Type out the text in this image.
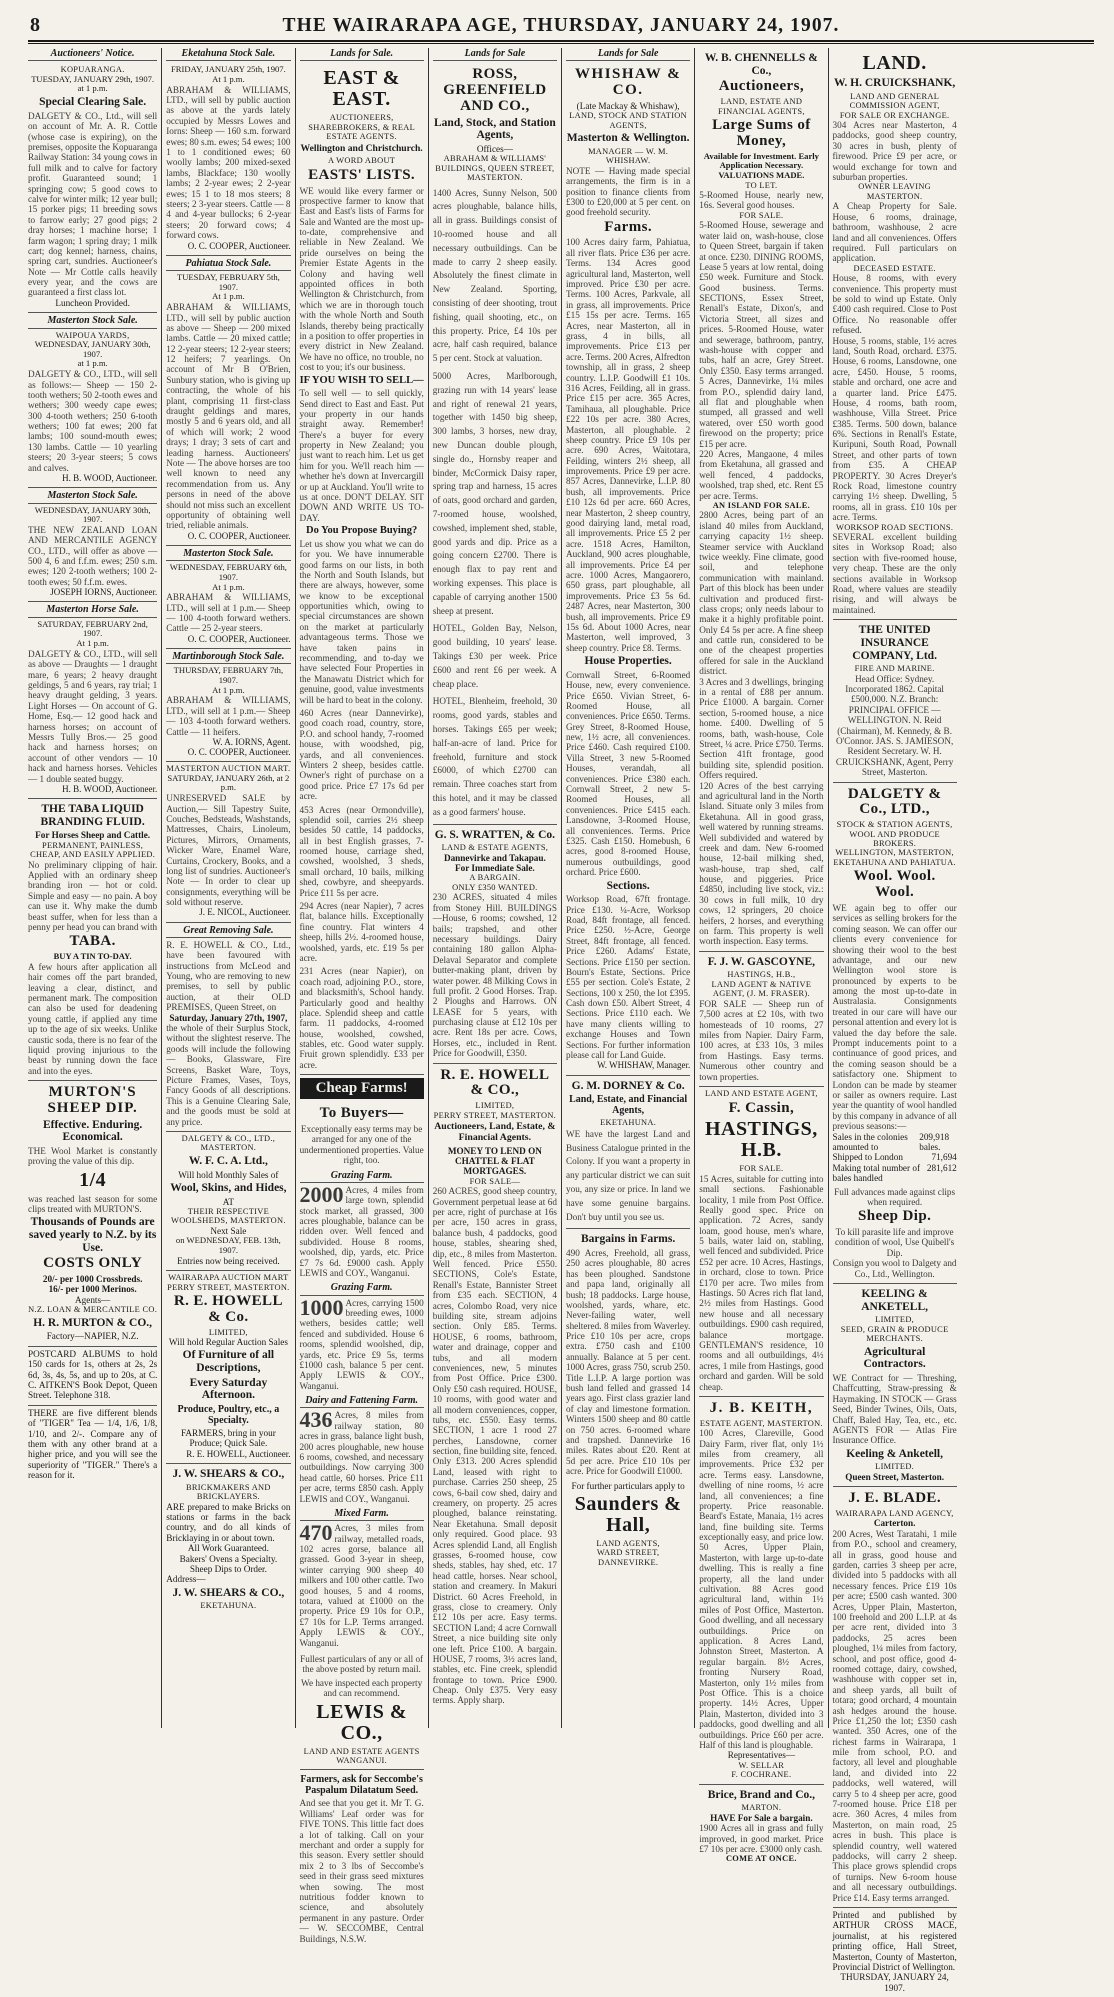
8	THE WAIRARAPA AGE, THURSDAY, JANUARY 24, 1907.
Auctioneers' Notice.
KOPUARANGA.
TUESDAY, JANUARY 29th, 1907.
at 1 p.m.
Special Clearing Sale.
DALGETY & CO., Ltd., will sell on account of Mr. A. R. Cottle (whose case is expiring), on the premises, opposite the Kopuaranga Railway Station: 34 young cows in full milk and to calve for factory profit. Guaranteed sound; 1 springing cow; 5 good cows to calve for winter milk; 12 year bull; 15 porker pigs; 11 breeding sows to farrow early; 27 good pigs; 2 dray horses; 1 machine horse; 1 farm wagon; 1 spring dray; 1 milk cart; dog kennel; harness, chains, spring cart, sundries. Auctioneer's Note — Mr Cottle calls heavily every year, and the cows are guaranteed a first class lot.
Luncheon Provided.
Masterton Stock Sale.
WAIPOUA YARDS,
WEDNESDAY, JANUARY 30th, 1907.
at 1 p.m.
DALGETY & CO., LTD., will sell as follows:— Sheep — 150 2-tooth wethers; 50 2-tooth ewes and wethers; 300 weedy cape ewes; 300 4-tooth wethers; 250 6-tooth wethers; 100 fat ewes; 200 fat lambs; 100 sound-mouth ewes; 130 lambs. Cattle — 10 yearling steers; 20 3-year steers; 5 cows and calves.
H. B. WOOD, Auctioneer.
Masterton Stock Sale.
WEDNESDAY, JANUARY 30th, 1907.
THE NEW ZEALAND LOAN AND MERCANTILE AGENCY CO., LTD., will offer as above — 500 4, 6 and f.f.m. ewes; 250 s.m. ewes; 120 2-tooth wethers; 100 2-tooth ewes; 50 f.f.m. ewes.
JOSEPH IORNS, Auctioneer.
Masterton Horse Sale.
SATURDAY, FEBRUARY 2nd, 1907.
At 1 p.m.
DALGETY & CO., LTD., will sell as above — Draughts — 1 draught mare, 6 years; 2 heavy draught geldings, 5 and 6 years, ray trial; 1 heavy draught gelding, 3 years. Light Horses — On account of G. Home, Esq.— 12 good hack and harness horses; on account of Messrs Tully Bros.— 25 good hack and harness horses; on account of other vendors — 10 hack and harness horses. Vehicles — 1 double seated buggy.
H. B. WOOD, Auctioneer.
THE TABA LIQUID BRANDING FLUID.
For Horses Sheep and Cattle.
PERMANENT, PAINLESS, CHEAP, AND EASILY APPLIED.
No preliminary clipping of hair. Applied with an ordinary sheep branding iron — hot or cold. Simple and easy — no pain. A boy can use it. Why make the dumb beast suffer, when for less than a penny per head you can brand with
TABA.
BUY A TIN TO-DAY.
A few hours after application all hair comes off the part branded, leaving a clear, distinct, and permanent mark. The composition can also be used for deadening young cattle, if applied any time up to the age of six weeks. Unlike caustic soda, there is no fear of the liquid proving injurious to the beast by running down the face and into the eyes.
MURTON'S SHEEP DIP.
Effective. Enduring. Economical.
THE Wool Market is constantly proving the value of this dip.
1/4
was reached last season for some clips treated with MURTON'S.
Thousands of Pounds are saved yearly to N.Z. by its Use.
COSTS ONLY
20/- per 1000 Crossbreds.
16/- per 1000 Merinos.
Agents—
N.Z. LOAN & MERCANTILE CO.
H. R. MURTON & CO.,
Factory—NAPIER, N.Z.
POSTCARD ALBUMS to hold 150 cards for 1s, others at 2s, 2s 6d, 3s, 4s, 5s, and up to 20s, at C. C. AITKEN'S Book Depot, Queen Street. Telephone 318.
THERE are five different blends of "TIGER" Tea — 1/4, 1/6, 1/8, 1/10, and 2/-. Compare any of them with any other brand at a higher price, and you will see the superiority of "TIGER." There's a reason for it.
Eketahuna Stock Sale.
FRIDAY, JANUARY 25th, 1907.
At 1 p.m.
ABRAHAM & WILLIAMS, LTD., will sell by public auction as above at the yards lately occupied by Messrs Lowes and Iorns: Sheep — 160 s.m. forward ewes; 80 s.m. ewes; 54 ewes; 100 1 to 1 conditioned ewes; 60 woolly lambs; 200 mixed-sexed lambs, Blackface; 130 woolly lambs; 2 2-year ewes; 2 2-year ewes; 15 1 to 18 mos steers; 8 steers; 2 3-year steers. Cattle — 8 4 and 4-year bullocks; 6 2-year steers; 20 forward cows; 4 forward cows.
O. C. COOPER, Auctioneer.
Pahiatua Stock Sale.
TUESDAY, FEBRUARY 5th, 1907.
At 1 p.m.
ABRAHAM & WILLIAMS, LTD., will sell by public auction as above — Sheep — 200 mixed lambs. Cattle — 20 mixed cattle; 12 2-year steers; 12 2-year steers; 12 heifers; 7 yearlings. On account of Mr B O'Brien, Sunbury station, who is giving up contracting, the whole of his plant, comprising 11 first-class draught geldings and mares, mostly 5 and 6 years old, and all of which will work; 2 wood drays; 1 dray; 3 sets of cart and leading harness. Auctioneers' Note — The above horses are too well known to need any recommendation from us. Any persons in need of the above should not miss such an excellent opportunity of obtaining well tried, reliable animals.
O. C. COOPER, Auctioneer.
Masterton Stock Sale.
WEDNESDAY, FEBRUARY 6th, 1907.
At 1 p.m.
ABRAHAM & WILLIAMS, LTD., will sell at 1 p.m.— Sheep — 100 4-tooth forward wethers. Cattle — 25 2-year steers.
O. C. COOPER, Auctioneer.
Martinborough Stock Sale.
THURSDAY, FEBRUARY 7th, 1907.
At 1 p.m.
ABRAHAM & WILLIAMS, LTD., will sell at 1 p.m.— Sheep — 103 4-tooth forward wethers. Cattle — 11 heifers.
W. A. IORNS, Agent.
O. C. COOPER, Auctioneer.
MASTERTON AUCTION MART.
SATURDAY, JANUARY 26th, at 2 p.m.
UNRESERVED SALE by Auction,— Sill Tapestry Suite, Couches, Bedsteads, Washstands, Mattresses, Chairs, Linoleum, Pictures, Mirrors, Ornaments, Wicker Ware, Enamel Ware, Curtains, Crockery, Books, and a long list of sundries. Auctioneer's Note — In order to clear up consignments, everything will be sold without reserve.
J. E. NICOL, Auctioneer.
Great Removing Sale.
R. E. HOWELL & CO., Ltd., have been favoured with instructions from McLeod and Young, who are removing to new premises, to sell by public auction, at their OLD PREMISES, Queen Street, on
Saturday, January 27th, 1907,
the whole of their Surplus Stock, without the slightest reserve. The goods will include the following — Books, Glassware, Fire Screens, Basket Ware, Toys, Picture Frames, Vases, Toys, Fancy Goods of all descriptions. This is a Genuine Clearing Sale, and the goods must be sold at any price.
DALGETY & CO., LTD., MASTERTON.
W. F. C. A. Ltd.,
Will hold Monthly Sales of
Wool, Skins, and Hides,
AT
THEIR RESPECTIVE WOOLSHEDS, MASTERTON.
Next Sale
on WEDNESDAY, FEB. 13th, 1907.
Entries now being received.
WAIRARAPA AUCTION MART
PERRY STREET, MASTERTON.
R. E. HOWELL & Co.
LIMITED,
Will hold Regular Auction Sales
Of Furniture of all Descriptions,
Every Saturday Afternoon.
Produce, Poultry, etc., a Specialty.
FARMERS, bring in your Produce; Quick Sale.
R. E. HOWELL, Auctioneer.
J. W. SHEARS & CO.,
BRICKMAKERS AND BRICKLAYERS.
ARE prepared to make Bricks on stations or farms in the back country, and do all kinds of Bricklaying in or about town.
All Work Guaranteed.
Bakers' Ovens a Specialty.
Sheep Dips to Order.
Address—
J. W. SHEARS & CO.,
EKETAHUNA.
Lands for Sale.
EAST & EAST.
AUCTIONEERS, SHAREBROKERS, & REAL ESTATE AGENTS.
Wellington and Christchurch.
A WORD ABOUT
EASTS' LISTS.
WE would like every farmer or prospective farmer to know that East and East's lists of Farms for Sale and Wanted are the most up-to-date, comprehensive and reliable in New Zealand. We pride ourselves on being the Premier Estate Agents in the Colony and having well appointed offices in both Wellington & Christchurch, from which we are in thorough touch with the whole North and South Islands, thereby being practically in a position to offer properties in every district in New Zealand. We have no office, no trouble, no cost to you; it's our business.
IF YOU WISH TO SELL—
To sell well — to sell quickly, Send direct to East and East. Put your property in our hands straight away. Remember! There's a buyer for every property in New Zealand; you just want to reach him. Let us get him for you. We'll reach him — whether he's down at Invercargill or up at Auckland. You'll write to us at once. DON'T DELAY. SIT DOWN AND WRITE US TO-DAY.
Do You Propose Buying?
Let us show you what we can do for you. We have innumerable good farms on our lists, in both the North and South Islands, but there are always, however, some we know to be exceptional opportunities which, owing to special circumstances are shown on the market at particularly advantageous terms. Those we have taken pains in recommending, and to-day we have selected Four Properties in the Manawatu District which for genuine, good, value investments will be hard to beat in the colony.
460 Acres (near Dannevirke), good coach road, country, store, P.O. and school handy, 7-roomed house, with woodshed, pig, yards, and all conveniences. Winters 2 sheep, besides cattle. Owner's right of purchase on a good price. Price £7 17s 6d per acre.
453 Acres (near Ormondville), splendid soil, carries 2½ sheep besides 50 cattle, 14 paddocks, all in best English grasses, 7-roomed house, carriage shed, cowshed, woolshed, 3 sheds, small orchard, 10 bails, milking shed, cowbyre, and sheepyards. Price £11 5s per acre.
294 Acres (near Napier), 7 acres flat, balance hills. Exceptionally fine country. Flat winters 4 sheep, hills 2½. 4-roomed house, woolshed, yards, etc. £19 5s per acre.
231 Acres (near Napier), on coach road, adjoining P.O., store, and blacksmith's, School handy. Particularly good and healthy place. Splendid sheep and cattle farm. 11 paddocks, 4-roomed house, woolshed, cowshed, stables, etc. Good water supply. Fruit grown splendidly. £33 per acre.
Cheap Farms!
To Buyers—
Exceptionally easy terms may be arranged for any one of the undermentioned properties. Value right, too.
Grazing Farm.
2000 Acres, 4 miles from large town, splendid stock market, all grassed, 300 acres ploughable, balance can be ridden over. Well fenced and subdivided. House 8 rooms, woolshed, dip, yards, etc. Price £7 7s 6d. £9000 cash. Apply LEWIS and COY., Wanganui.
Grazing Farm.
1000 Acres, carrying 1500 breeding ewes, 1000 wethers, besides cattle; well fenced and subdivided. House 6 rooms, splendid woolshed, dip, yards, etc. Price £9 5s, terms £1000 cash, balance 5 per cent. Apply LEWIS & COY., Wanganui.
Dairy and Fattening Farm.
436 Acres, 8 miles from railway station, 80 acres in grass, balance light bush, 200 acres ploughable, new house 6 rooms, cowshed, and necessary outbuildings. Now carrying 300 head cattle, 60 horses. Price £11 per acre, terms £850 cash. Apply LEWIS and COY., Wanganui.
Mixed Farm.
470 Acres, 3 miles from railway, metalled roads, 102 acres gorse, balance all grassed. Good 3-year in sheep, winter carrying 900 sheep 40 milkers and 100 other cattle. Two good houses, 5 and 4 rooms, totara, valued at £1000 on the property. Price £9 10s for O.P., £7 10s for L.P. Terms arranged. Apply LEWIS & COY., Wanganui.
Fullest particulars of any or all of the above posted by return mail.
We have inspected each property and can recommend.
LEWIS & CO.,
LAND AND ESTATE AGENTS WANGANUI.
Farmers, ask for Seccombe's Paspalum Dilatatum Seed.
And see that you get it. Mr T. G. Williams' Leaf order was for FIVE TONS. This little fact does a lot of talking. Call on your merchant and order a supply for this season. Every settler should mix 2 to 3 lbs of Seccombe's seed in their grass seed mixtures when sowing. The most nutritious fodder known to science, and absolutely permanent in any pasture. Order — W. SECCOMBE, Central Buildings, N.S.W.
Lands for Sale
ROSS, GREENFIELD AND CO.,
Land, Stock, and Station Agents,
Offices—
ABRAHAM & WILLIAMS' BUILDINGS, QUEEN STREET, MASTERTON.
1400 Acres, Sunny Nelson, 500 acres ploughable, balance hills, all in grass. Buildings consist of 10-roomed house and all necessary outbuildings. Can be made to carry 2 sheep easily. Absolutely the finest climate in New Zealand. Sporting, consisting of deer shooting, trout fishing, quail shooting, etc., on this property. Price, £4 10s per acre, half cash required, balance 5 per cent. Stock at valuation.
5000 Acres, Marlborough, grazing run with 14 years' lease and right of renewal 21 years, together with 1450 big sheep, 300 lambs, 3 horses, new dray, new Duncan double plough, single do., Hornsby reaper and binder, McCormick Daisy raper, spring trap and harness, 15 acres of oats, good orchard and garden, 7-roomed house, woolshed, cowshed, implement shed, stable, good yards and dip. Price as a going concern £2700. There is enough flax to pay rent and working expenses. This place is capable of carrying another 1500 sheep at present.
HOTEL, Golden Bay, Nelson, good building, 10 years' lease. Takings £30 per week. Price £600 and rent £6 per week. A cheap place.
HOTEL, Blenheim, freehold, 30 rooms, good yards, stables and horses. Takings £65 per week; half-an-acre of land. Price for freehold, furniture and stock £6000, of which £2700 can remain. Three coaches start from this hotel, and it may be classed as a good farmers' house.
G. S. WRATTEN, & Co.
LAND & ESTATE AGENTS,
Dannevirke and Takapau.
For Immediate Sale.
A BARGAIN.
ONLY £350 WANTED.
230 ACRES, situated 4 miles from Stoney Hill. BUILDINGS—House, 6 rooms; cowshed, 12 bails; trapshed, and other necessary buildings. Dairy containing 180 gallon Alpha-Delaval Separator and complete butter-making plant, driven by water power. 48 Milking Cows in full profit. 2 Good Horses. Trap. 2 Ploughs and Harrows. ON LEASE for 5 years, with purchasing clause at £12 10s per acre. Rent 18s per acre. Cows, Horses, etc., included in Rent. Price for Goodwill, £350.
R. E. HOWELL & CO.,
LIMITED,
PERRY STREET, MASTERTON.
Auctioneers, Land, Estate, & Financial Agents.
MONEY TO LEND ON CHATTEL & FLAT MORTGAGES.
FOR SALE—
260 ACRES, good sheep country, Government perpetual lease at 6d per acre, right of purchase at 16s per acre, 150 acres in grass, balance bush, 4 paddocks, good house, stables, shearing shed, dip, etc., 8 miles from Masterton. Well fenced. Price £550. SECTIONS, Cole's Estate, Renall's Estate, Bannister Street from £35 each. SECTION, 4 acres, Colombo Road, very nice building site, stream adjoins section. Only £85. Terms. HOUSE, 6 rooms, bathroom, water and drainage, copper and tubs, and all modern conveniences, new, 5 minutes from Post Office. Price £300. Only £50 cash required. HOUSE, 10 rooms, with good water and all modern conveniences, copper, tubs, etc. £550. Easy terms. SECTION, 1 acre 1 rood 27 perches, Lansdowne, corner section, fine building site, fenced. Only £313. 200 Acres splendid Land, leased with right to purchase. Carries 250 sheep, 25 cows, 6-bail cow shed, dairy and creamery, on property. 25 acres ploughed, balance reinstating. Near Eketahuna. Small deposit only required. Good place. 93 Acres splendid Land, all English grasses, 6-roomed house, cow sheds, stables, hay shed, etc. 17 head cattle, horses. Near school, station and creamery. In Makuri District. 60 Acres Freehold, in grass, close to creamery. Only £12 10s per acre. Easy terms. SECTION Land; 4 acre Cornwall Street, a nice building site only one left. Price £100. A bargain. HOUSE, 7 rooms, 3½ acres land, stables, etc. Fine creek, splendid frontage to town. Price £900. Cheap. Only £375. Very easy terms. Apply sharp.
Lands for Sale
WHISHAW & CO.
(Late Mackay & Whishaw),
LAND, STOCK AND STATION AGENTS,
Masterton & Wellington.
MANAGER — W. M. WHISHAW.
NOTE — Having made special arrangements, the firm is in a position to finance clients from £300 to £20,000 at 5 per cent. on good freehold security.
Farms.
100 Acres dairy farm, Pahiatua, all river flats. Price £36 per acre. Terms. 134 Acres good agricultural land, Masterton, well improved. Price £30 per acre. Terms. 100 Acres, Parkvale, all in grass, all improvements. Price £15 15s per acre. Terms. 165 Acres, near Masterton, all in grass, 4 in bills, all improvements. Price £13 per acre. Terms. 200 Acres, Alfredton township, all in grass, 2 sheep country. L.I.P. Goodwill £1 10s. 316 Acres, Feilding, all in grass. Price £15 per acre. 365 Acres, Tamihaua, all ploughable. Price £22 10s per acre. 380 Acres, Masterton, all ploughable. 2 sheep country. Price £9 10s per acre. 690 Acres, Waitotara, Feilding, winters 2½ sheep, all improvements. Price £9 per acre. 857 Acres, Dannevirke, L.I.P. 80 bush, all improvements. Price £10 12s 6d per acre. 660 Acres, near Masterton, 2 sheep country, good dairying land, metal road, all improvements. Price £5 2 per acre. 1518 Acres, Hamilton, Auckland, 900 acres ploughable, all improvements. Price £4 per acre. 1000 Acres, Mangaorero, 650 grass, part ploughable, all improvements. Price £3 5s 6d. 2487 Acres, near Masterton, 300 bush, all improvements. Price £9 15s 6d. About 1000 Acres, near Masterton, well improved, 3 sheep country. Price £8. Terms.
House Properties.
Cornwall Street, 6-Roomed House, new, every convenience. Price £650. Vivian Street, 6-Roomed House, all conveniences. Price £650. Terms. Grey Street, 8-Roomed House, new, 1½ acre, all conveniences. Price £460. Cash required £100. Villa Street, 3 new 5-Roomed Houses, verandah, all conveniences. Price £380 each. Cornwall Street, 2 new 5-Roomed Houses, all conveniences. Price £415 each. Lansdowne, 3-Roomed House, all conveniences. Terms. Price £325. Cash £150. Homebush, 6 acres, good 8-roomed House, numerous outbuildings, good orchard. Price £600.
Sections.
Worksop Road, 67ft frontage. Price £130. ¼-Acre, Worksop Road, 84ft frontage, all fenced. Price £250. ½-Acre, George Street, 84ft frontage, all fenced. Price £260. Adams' Estate, Sections. Price £150 per section. Bourn's Estate, Sections. Price £55 per section. Cole's Estate, 2 Sections, 100 x 250, the lot £395. Cash down £50. Albert Street, 4 Sections. Price £110 each. We have many clients willing to exchange Houses and Town Sections. For further information please call for Land Guide.
W. WHISHAW, Manager.
G. M. DORNEY & Co.
Land, Estate, and Financial Agents,
EKETAHUNA.
WE have the largest Land and Business Catalogue printed in the Colony. If you want a property in any particular district we can suit you, any size or price. In land we have some genuine bargains. Don't buy until you see us.
Bargains in Farms.
490 Acres, Freehold, all grass, 250 acres ploughable, 80 acres has been ploughed. Sandstone and papa land, originally all bush; 18 paddocks. Large house, woolshed, yards, whare, etc. Never-failing water, well sheltered. 8 miles from Waverley. Price £10 10s per acre, crops extra. £750 cash and £100 annually. Balance at 5 per cent. 1000 Acres, grass 750, scrub 250. Title L.I.P. A large portion was bush land felled and grassed 14 years ago. First class grazier land of clay and limestone formation. Winters 1500 sheep and 80 cattle on 750 acres. 6-roomed whare and trapshed. Dannevirke 16 miles. Rates about £20. Rent at 5d per acre. Price £10 10s per acre. Price for Goodwill £1000.
For further particulars apply to
Saunders & Hall,
LAND AGENTS,
WARD STREET, DANNEVIRKE.
W. B. CHENNELLS & Co.,
Auctioneers,
LAND, ESTATE AND FINANCIAL AGENTS,
Large Sums of Money,
Available for Investment. Early Application Necessary. VALUATIONS MADE.
TO LET.
5-Roomed House, nearly new, 16s. Several good houses.
FOR SALE.
5-Roomed House, sewerage and water laid on, wash-house, close to Queen Street, bargain if taken at once. £230. DINING ROOMS, Lease 5 years at low rental, doing £50 week. Furniture and Stock. Good business. Terms. SECTIONS, Essex Street, Renall's Estate, Dixon's, and Victoria Street, all sizes and prices. 5-Roomed House, water and sewerage, bathroom, pantry, wash-house with copper and tubs, half an acre, Grey Street. Only £350. Easy terms arranged. 5 Acres, Dannevirke, 1¼ miles from P.O., splendid dairy land, all flat and ploughable when stumped, all grassed and well watered, over £50 worth good firewood on the property; price £15 per acre.
220 Acres, Mangaone, 4 miles from Eketahuna, all grassed and well fenced, 4 paddocks, woolshed, trap shed, etc. Rent £5 per acre. Terms.
AN ISLAND FOR SALE.
2800 Acres, being part of an island 40 miles from Auckland, carrying capacity 1½ sheep. Steamer service with Auckland twice weekly. Fine climate, good soil, and telephone communication with mainland. Part of this block has been under cultivation and produced first-class crops; only needs labour to make it a highly profitable point. Only £4 5s per acre. A fine sheep and cattle run, considered to be one of the cheapest properties offered for sale in the Auckland district.
3 Acres and 3 dwellings, bringing in a rental of £88 per annum. Price £1000. A bargain. Corner section, 5-roomed house, a nice home. £400. Dwelling of 5 rooms, bath, wash-house, Cole Street, ¼ acre. Price £750. Terms. Section 41ft frontage, good building site, splendid position. Offers required.
120 Acres of the best carrying and agricultural land in the North Island. Situate only 3 miles from Eketahuna. All in good grass, well watered by running streams. Well subdivided and watered by creek and dam. New 6-roomed house, 12-bail milking shed, wash-house, trap shed, calf house, and piggeries. Price £4850, including live stock, viz.: 30 cows in full milk, 10 dry cows, 12 springers, 20 choice heifers, 2 horses, and everything on farm. This property is well worth inspection. Easy terms.
F. J. W. GASCOYNE,
HASTINGS, H.B.,
LAND AGENT & NATIVE AGENT, (J. M. FRASER).
FOR SALE — Sheep run of 7,500 acres at £2 10s, with two homesteads of 10 rooms, 27 miles from Napier. Dairy Farm, 100 acres, at £33 10s, 3 miles from Hastings. Easy terms. Numerous other country and town properties.
LAND AND ESTATE AGENT,
F. Cassin,
HASTINGS, H.B.
FOR SALE.
15 Acres, suitable for cutting into small sections. Fashionable locality, 1 mile from Post Office. Really good spec. Price on application. 72 Acres, sandy loam, good house, men's whare, 5 bails, water laid on, stabling, well fenced and subdivided. Price £52 per acre. 10 Acres, Hastings, in orchard, close to town. Price £170 per acre. Two miles from Hastings. 50 Acres rich flat land, 2½ miles from Hastings. Good new house and all necessary outbuildings. £900 cash required, balance mortgage. GENTLEMAN'S residence, 10 rooms and all outbuildings, 4½ acres, 1 mile from Hastings, good orchard and garden. Will be sold cheap.
J. B. KEITH,
ESTATE AGENT, MASTERTON.
100 Acres, Clareville, Good Dairy Farm, river flat, only 1½ miles from creamery, all improvements. Price £32 per acre. Terms easy. Lansdowne, dwelling of nine rooms, ½ acre land, all conveniences; a fine property. Price reasonable. Beard's Estate, Manaia, 1½ acres land, fine building site. Terms exceptionally easy, and price low. 50 Acres, Upper Plain, Masterton, with large up-to-date dwelling. This is really a fine property, all the land under cultivation. 88 Acres good agricultural land, within 1½ miles of Post Office, Masterton. Good dwelling, and all necessary outbuildings. Price on application. 8 Acres Land, Johnston Street, Masterton. A regular bargain. 8½ Acres, fronting Nursery Road, Masterton, only 1½ miles from Post Office. This is a choice property. 14½ Acres, Upper Plain, Masterton, divided into 3 paddocks, good dwelling and all outbuildings. Price £60 per acre. Half of this land is ploughable.
Representatives—
W. SELLAR
F. COCHRANE.
Brice, Brand and Co.,
MARTON.
HAVE For Sale a bargain.
1900 Acres all in grass and fully improved, in good market. Price £7 10s per acre. £3000 only cash.
COME AT ONCE.
LAND.
W. H. CRUICKSHANK,
LAND AND GENERAL COMMISSION AGENT,
FOR SALE OR EXCHANGE.
304 Acres near Masterton, 4 paddocks, good sheep country, 30 acres in bush, plenty of firewood. Price £9 per acre, or would exchange for town and suburban properties.
OWNER LEAVING MASTERTON.
A Cheap Property for Sale. House, 6 rooms, drainage, bathroom, washhouse, 2 acre land and all conveniences. Offers required. Full particulars on application.
DECEASED ESTATE.
House, 8 rooms, with every convenience. This property must be sold to wind up Estate. Only £400 cash required. Close to Post Office. No reasonable offer refused.
House, 5 rooms, stable, 1½ acres land, South Road, orchard. £375. House, 6 rooms, Lansdowne, one acre, £450. House, 5 rooms, stable and orchard, one acre and a quarter land. Price £475. House, 4 rooms, bath room, washhouse, Villa Street. Price £385. Terms. 500 down, balance 6%. Sections in Renall's Estate, Kuripuni, South Road, Pownall Street, and other parts of town from £35. A CHEAP PROPERTY. 30 Acres Dreyer's Rock Road, limestone country carrying 1½ sheep. Dwelling, 5 rooms, all in grass. £10 10s per acre. Terms.
WORKSOP ROAD SECTIONS.
SEVERAL excellent building sites in Worksop Road; also section with five-roomed house, very cheap. These are the only sections available in Worksop Road, where values are steadily rising, and will always be maintained.
THE UNITED INSURANCE COMPANY, Ltd.
FIRE AND MARINE.
Head Office: Sydney. Incorporated 1862. Capital £500,000. N.Z. Branch: PRINCIPAL OFFICE — WELLINGTON. N. Reid (Chairman), M. Kennedy, & B. O'Connor. JAS. S. JAMIESON, Resident Secretary. W. H. CRUICKSHANK, Agent, Perry Street, Masterton.
DALGETY & Co., LTD.,
STOCK & STATION AGENTS, WOOL AND PRODUCE BROKERS.
WELLINGTON, MASTERTON, EKETAHUNA AND PAHIATUA.
Wool. Wool. Wool.
WE again beg to offer our services as selling brokers for the coming season. We can offer our clients every convenience for showing their wool to the best advantage, and our new Wellington wool store is pronounced by experts to be among the most up-to-date in Australasia. Consignments treated in our care will have our personal attention and every lot is valued the day before the sale. Prompt inducements point to a continuance of good prices, and the coming season should be a satisfactory one. Shipment to London can be made by steamer or sailer as owners require. Last year the quantity of wool handled by this company in advance of all previous seasons:—
Sales in the colonies amounted to
209,918 bales.
Shipped to London	71,694
Making total number of bales handled
281,612
Full advances made against clips when required.
Sheep Dip.
To kill parasite life and improve condition of wool, Use Quibell's Dip.
Consign you wool to Dalgety and Co., Ltd., Wellington.
KEELING & ANKETELL,
LIMITED,
SEED, GRAIN & PRODUCE MERCHANTS.
Agricultural Contractors.
WE Contract for — Threshing, Chaffcutting, Straw-pressing & Haymaking. IN STOCK — Grass Seed, Binder Twines, Oils, Oats, Chaff, Baled Hay, Tea, etc., etc. AGENTS FOR — Atlas Fire Insurance Office.
Keeling & Anketell,
LIMITED.
Queen Street, Masterton.
J. E. BLADE.
WAIRARAPA LAND AGENCY,
Carterton.
200 Acres, West Taratahi, 1 mile from P.O., school and creamery, all in grass, good house and garden, carries 3 sheep per acre, divided into 5 paddocks with all necessary fences. Price £19 10s per acre; £500 cash wanted. 300 Acres, Upper Plain, Masterton, 100 freehold and 200 L.I.P. at 4s per acre rent, divided into 3 paddocks, 25 acres been ploughed, 1¼ miles from factory, school, and post office, good 4-roomed cottage, dairy, cowshed, washhouse with copper set in, and sheep yards, all built of totara; good orchard, 4 mountain ash hedges around the house. Price £1,250 the lot; £350 cash wanted. 350 Acres, one of the richest farms in Wairarapa, 1 mile from school, P.O. and factory, all level and ploughable land, and divided into 22 paddocks, well watered, will carry 5 to 4 sheep per acre, good 7-roomed house. Price £18 per acre. 360 Acres, 4 miles from Masterton, on main road, 25 acres in bush. This place is splendid country, well watered paddocks, will carry 2 sheep. This place grows splendid crops of turnips. New 6-room house and all necessary outbuildings. Price £14. Easy terms arranged.
Printed and published by ARTHUR CROSS MACE, journalist, at his registered printing office, Hall Street, Masterton, County of Masterton, Provincial District of Wellington.
THURSDAY, JANUARY 24, 1907.
